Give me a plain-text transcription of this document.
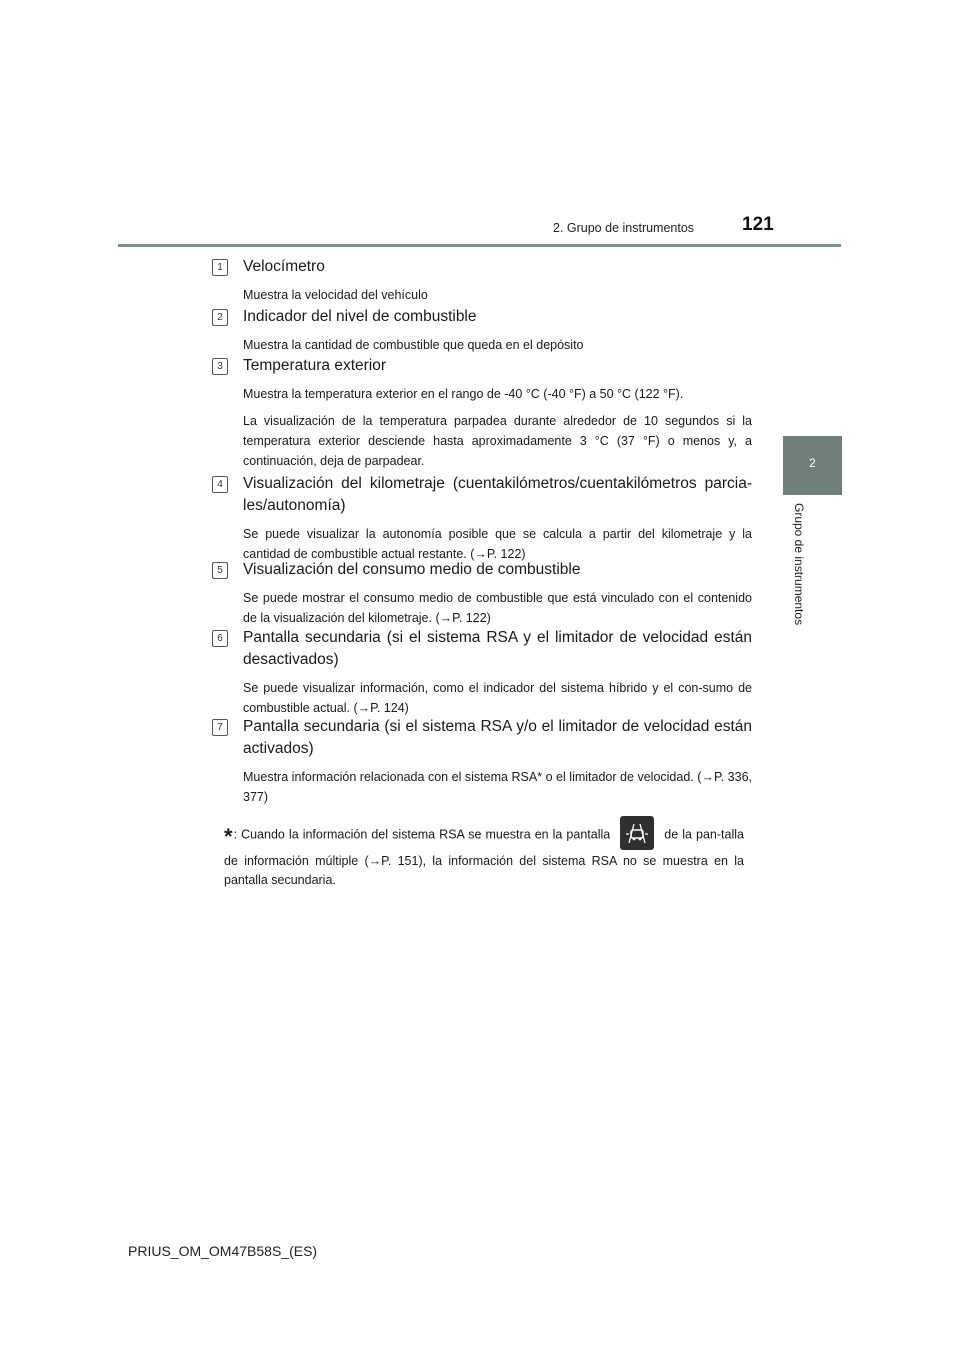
2. Grupo de instrumentos	121
2
Grupo de instrumentos
1	Velocímetro

Muestra la velocidad del vehículo

2	Indicador del nivel de combustible

Muestra la cantidad de combustible que queda en el depósito

3	Temperatura exterior

Muestra la temperatura exterior en el rango de -40 °C (-40 °F) a 50 °C (122 °F).

La visualización de la temperatura parpadea durante alrededor de 10 segundos si la temperatura exterior desciende hasta aproximadamente 3 °C (37 °F) o menos y, a continuación, deja de parpadear.

4	Visualización del kilometraje (cuentakilómetros/cuentakilómetros parcia-les/autonomía)

Se puede visualizar la autonomía posible que se calcula a partir del kilometraje y la cantidad de combustible actual restante. (→P. 122)

5	Visualización del consumo medio de combustible

Se puede mostrar el consumo medio de combustible que está vinculado con el contenido de la visualización del kilometraje. (→P. 122)

6	Pantalla secundaria (si el sistema RSA y el limitador de velocidad están desactivados)

Se puede visualizar información, como el indicador del sistema híbrido y el con-sumo de combustible actual. (→P. 124)

7	Pantalla secundaria (si el sistema RSA y/o el limitador de velocidad están activados)

Muestra información relacionada con el sistema RSA* o el limitador de velocidad. (→P. 336, 377)

*: Cuando la información del sistema RSA se muestra en la pantalla	de la pan-talla de información múltiple (→P. 151), la información del sistema RSA no se muestra en la pantalla secundaria.
PRIUS_OM_OM47B58S_(ES)
